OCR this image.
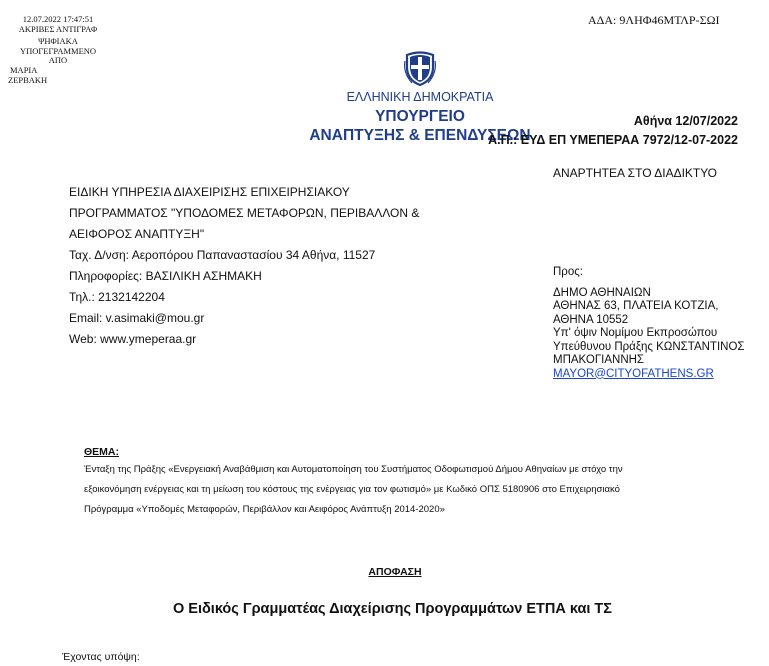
12.07.2022 17:47:51
ΑΚΡΙΒΕΣ ΑΝΤΙΓΡΑΦ
ΨΗΦΙΑΚΑ
ΥΠΟΓΕΓΡΑΜΜΕΝΟ
ΑΠΟ
ΜΑΡΙΑ
ΖΕΡΒΑΚΗ
ΑΔΑ: 9ΛΗΦ46ΜΤΛΡ-ΣΩΙ
ΕΛΛΗΝΙΚΗ ΔΗΜΟΚΡΑΤΙΑ
ΥΠΟΥΡΓΕΙΟ
ΑΝΑΠΤΥΞΗΣ & ΕΠΕΝΔΥΣΕΩΝ
Αθήνα 12/07/2022
Α.Π.: ΕΥΔ ΕΠ ΥΜΕΠΕΡΑΑ 7972/12-07-2022
ΑΝΑΡΤΗΤΕΑ ΣΤΟ ΔΙΑΔΙΚΤΥΟ

ΕΙΔΙΚΗ ΥΠΗΡΕΣΙΑ ΔΙΑΧΕΙΡΙΣΗΣ ΕΠΙΧΕΙΡΗΣΙΑΚΟΥ

ΠΡΟΓΡΑΜΜΑΤΟΣ "ΥΠΟΔΟΜΕΣ ΜΕΤΑΦΟΡΩΝ, ΠΕΡΙΒΑΛΛΟΝ &

ΑΕΙΦΟΡΟΣ ΑΝΑΠΤΥΞΗ"

Ταχ. Δ/νση: Αεροπόρου Παπαναστασίου 34 Αθήνα, 11527

Πληροφορίες: ΒΑΣΙΛΙΚΗ ΑΣΗΜΑΚΗ

Τηλ.: 2132142204

Email: v.asimaki@mou.gr

Web: www.ymeperaa.gr

Προς:
ΔΗΜΟ ΑΘΗΝΑΙΩΝ
ΑΘΗΝΑΣ 63, ΠΛΑΤΕΙΑ ΚΟΤΖΙΑ,
ΑΘΗΝΑ 10552
Υπ' όψιν Νομίμου Εκπροσώπου
Υπεύθυνου Πράξης ΚΩΝΣΤΑΝΤΙΝΟΣ
ΜΠΑΚΟΓΙΑΝΝΗΣ
MAYOR@CITYOFATHENS.GR
ΘΕΜΑ:
Ένταξη της Πράξης «Ενεργειακή Αναβάθμιση και Αυτοματοποίηση του Συστήματος Οδοφωτισμού Δήμου Αθηναίων με στόχο την
εξοικονόμηση ενέργειας και τη μείωση του κόστους της ενέργειας για τον φωτισμό» με Κωδικό ΟΠΣ 5180906 στο Επιχειρησιακό
Πρόγραμμα «Υποδομές Μεταφορών, Περιβάλλον και Αειφόρος Ανάπτυξη 2014-2020»
ΑΠΟΦΑΣΗ
Ο Ειδικός Γραμματέας Διαχείρισης Προγραμμάτων ΕΤΠΑ και ΤΣ
Έχοντας υπόψη:
